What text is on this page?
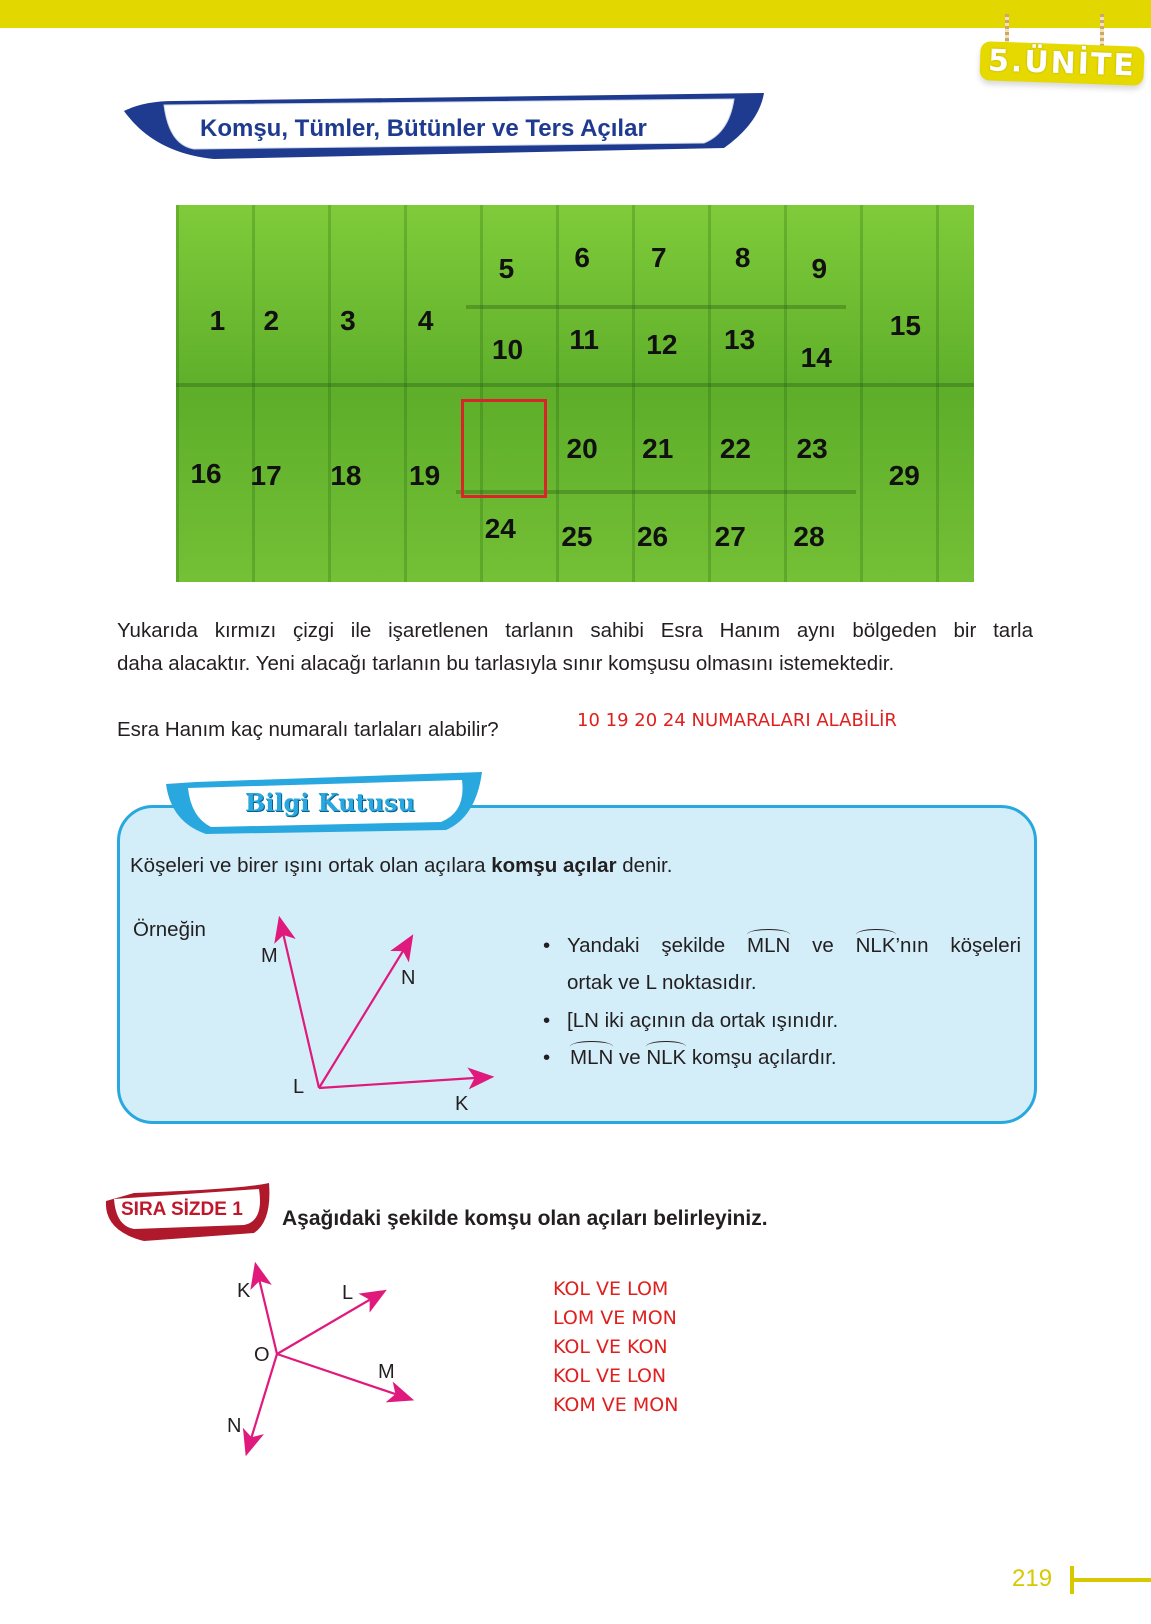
5.ÜNİTE
Komşu, Tümler, Bütünler ve Ters Açılar
1 2 3 4
5 6 7 8 9
10 11 12 13
14
15
16 17 18 19
20 21 22 23
24 25 26 27 28
29
Yukarıda kırmızı çizgi ile işaretlenen tarlanın sahibi Esra Hanım aynı bölgeden bir tarla
daha alacaktır. Yeni alacağı tarlanın bu tarlasıyla sınır komşusu olmasını istemektedir.
Esra Hanım kaç numaralı tarlaları alabilir?	10 19 20 24 NUMARALARI ALABİLİR
Bilgi Kutusu
Köşeleri ve birer ışını ortak olan açılara komşu açılar denir.
Örneğin
M
N
L
K
• Yandaki şekilde MLN ve NLK’nın köşeleri
ortak ve L noktasıdır.
• [LN iki açının da ortak ışınıdır.
• MLN ve NLK komşu açılardır.
SIRA SİZDE 1 Aşağıdaki şekilde komşu olan açıları belirleyiniz.
K	L
O
M
N
KOL VE LOM
LOM VE MON
KOL VE KON
KOL VE LON
KOM VE MON
219
